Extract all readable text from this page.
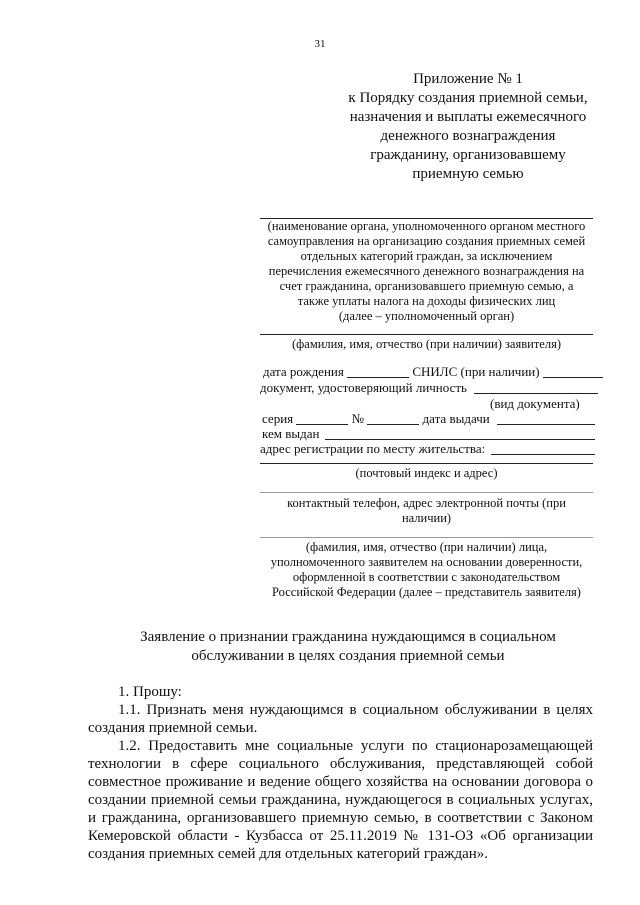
31
Приложение № 1
к Порядку создания приемной семьи,
назначения и выплаты ежемесячного
денежного вознаграждения
гражданину, организовавшему
приемную семью
(наименование органа, уполномоченного органом местного
самоуправления на организацию создания приемных семей
отдельных категорий граждан, за исключением
перечисления ежемесячного денежного вознаграждения на
счет гражданина, организовавшего приемную семью, а
также уплаты налога на доходы физических лиц
(далее – уполномоченный орган)
(фамилия, имя, отчество (при наличии) заявителя)
дата рождения	СНИЛС (при наличии)
документ, удостоверяющий личность
(вид документа)
серия	№	дата выдачи
кем выдан
адрес регистрации по месту жительства:
(почтовый индекс и адрес)
контактный телефон, адрес электронной почты (при
наличии)
(фамилия, имя, отчество (при наличии) лица,
уполномоченного заявителем на основании доверенности,
оформленной в соответствии с законодательством
Российской Федерации (далее – представитель заявителя)
Заявление о признании гражданина нуждающимся в социальном
обслуживании в целях создания приемной семьи

1. Прошу:

1.1. Признать меня нуждающимся в социальном обслуживании в целях создания приемной семьи.

1.2. Предоставить мне социальные услуги по стационарозамещающей технологии в сфере социального обслуживания, представляющей собой совместное проживание и ведение общего хозяйства на основании договора о создании приемной семьи гражданина, нуждающегося в социальных услугах, и гражданина, организовавшего приемную семью, в соответствии с Законом Кемеровской области - Кузбасса от 25.11.2019 № 131-ОЗ «Об организации создания приемных семей для отдельных категорий граждан».
